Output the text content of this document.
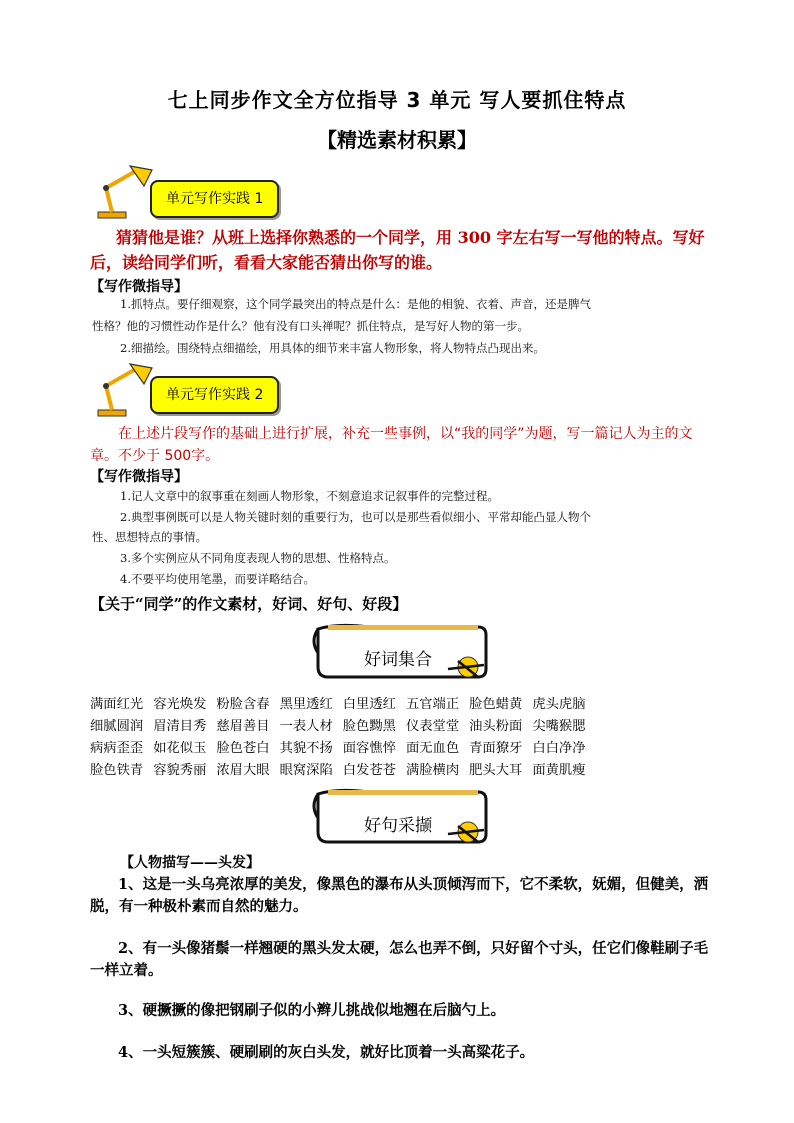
七上同步作文全方位指导 3 单元 写人要抓住特点
【精选素材积累】
单元写作实践 1
猜猜他是谁？从班上选择你熟悉的一个同学，用 300 字左右写一写他的特点。写好后，读给同学们听，看看大家能否猜出你写的谁。
【写作微指导】
1.抓特点。要仔细观察，这个同学最突出的特点是什么：是他的相貌、衣着、声音，还是脾气
性格？他的习惯性动作是什么？他有没有口头禅呢？抓住特点，是写好人物的第一步。
2.细描绘。围绕特点细描绘，用具体的细节来丰富人物形象，将人物特点凸现出来。
单元写作实践 2
在上述片段写作的基础上进行扩展，补充一些事例，以“我的同学”为题，写一篇记人为主的文章。不少于 500字。
【写作微指导】
1.记人文章中的叙事重在刻画人物形象，不刻意追求记叙事件的完整过程。
2.典型事例既可以是人物关键时刻的重要行为，也可以是那些看似细小、平常却能凸显人物个
性、思想特点的事情。
3.多个实例应从不同角度表现人物的思想、性格特点。
4.不要平均使用笔墨，而要详略结合。
【关于“同学”的作文素材，好词、好句、好段】
好词集合
满面红光 容光焕发 粉脸含春 黑里透红 白里透红 五官端正 脸色蜡黄 虎头虎脑
细腻圆润 眉清目秀 慈眉善目 一表人材 脸色黝黑 仪表堂堂 油头粉面 尖嘴猴腮
病病歪歪 如花似玉 脸色苍白 其貌不扬 面容憔悴 面无血色 青面獠牙 白白净净
脸色铁青 容貌秀丽 浓眉大眼 眼窝深陷 白发苍苍 满脸横肉 肥头大耳 面黄肌瘦
好句采撷
【人物描写——头发】
1、这是一头乌亮浓厚的美发，像黑色的瀑布从头顶倾泻而下，它不柔软，妩媚，但健美，洒脱，有一种极朴素而自然的魅力。
2、有一头像猪鬃一样翘硬的黑头发太硬，怎么也弄不倒，只好留个寸头，任它们像鞋刷子毛一样立着。
3、硬撅撅的像把钢刷子似的小辫儿挑战似地翘在后脑勺上。
4、一头短簇簇、硬刷刷的灰白头发，就好比顶着一头高粱花子。
